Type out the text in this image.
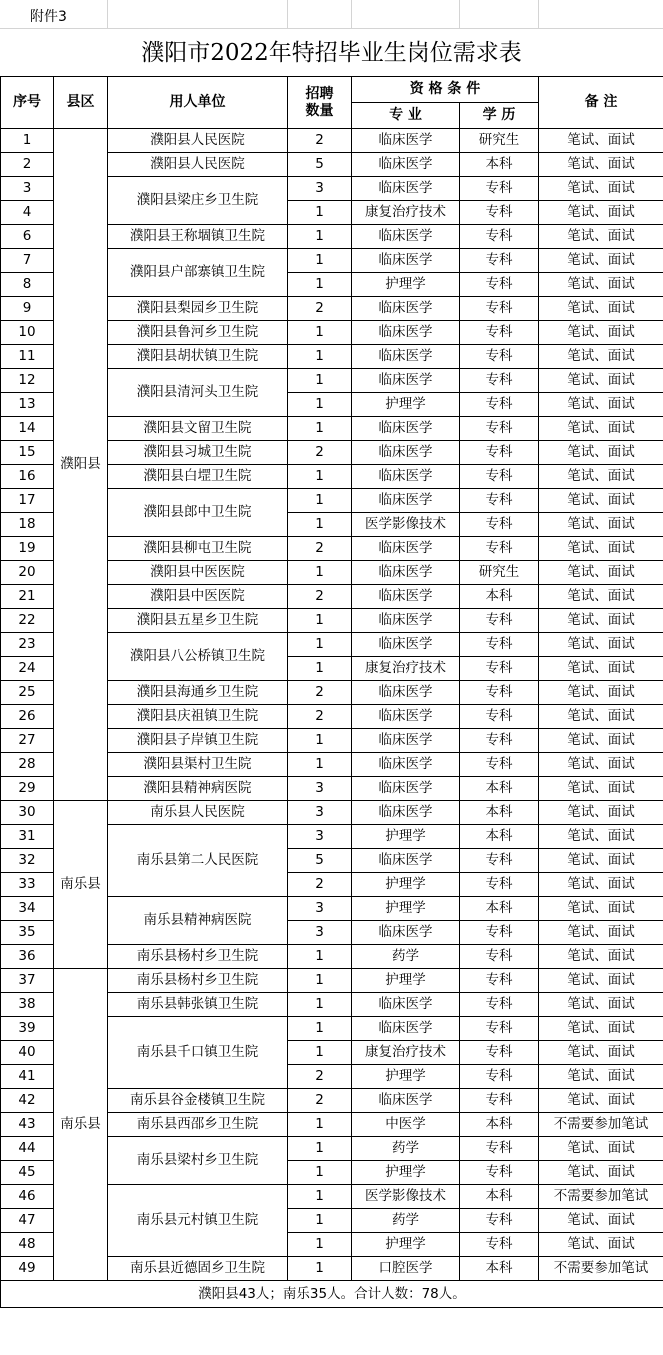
附件3
濮阳市2022年特招毕业生岗位需求表
序号	县区	用人单位	招聘数量	资 格 条 件		备 注
				专 业	学 历	
1	濮阳县	濮阳县人民医院	2	临床医学	研究生	笔试、面试
2		濮阳县人民医院	5	临床医学	本科	笔试、面试
3		濮阳县梁庄乡卫生院	3	临床医学	专科	笔试、面试
4			1	康复治疗技术	专科	笔试、面试
6		濮阳县王称堌镇卫生院	1	临床医学	专科	笔试、面试
7		濮阳县户部寨镇卫生院	1	临床医学	专科	笔试、面试
8			1	护理学	专科	笔试、面试
9		濮阳县梨园乡卫生院	2	临床医学	专科	笔试、面试
10		濮阳县鲁河乡卫生院	1	临床医学	专科	笔试、面试
11		濮阳县胡状镇卫生院	1	临床医学	专科	笔试、面试
12		濮阳县清河头卫生院	1	临床医学	专科	笔试、面试
13			1	护理学	专科	笔试、面试
14		濮阳县文留卫生院	1	临床医学	专科	笔试、面试
15		濮阳县习城卫生院	2	临床医学	专科	笔试、面试
16		濮阳县白堽卫生院	1	临床医学	专科	笔试、面试
17		濮阳县郎中卫生院	1	临床医学	专科	笔试、面试
18			1	医学影像技术	专科	笔试、面试
19		濮阳县柳屯卫生院	2	临床医学	专科	笔试、面试
20		濮阳县中医医院	1	临床医学	研究生	笔试、面试
21		濮阳县中医医院	2	临床医学	本科	笔试、面试
22		濮阳县五星乡卫生院	1	临床医学	专科	笔试、面试
23		濮阳县八公桥镇卫生院	1	临床医学	专科	笔试、面试
24			1	康复治疗技术	专科	笔试、面试
25		濮阳县海通乡卫生院	2	临床医学	专科	笔试、面试
26		濮阳县庆祖镇卫生院	2	临床医学	专科	笔试、面试
27		濮阳县子岸镇卫生院	1	临床医学	专科	笔试、面试
28		濮阳县渠村卫生院	1	临床医学	专科	笔试、面试
29		濮阳县精神病医院	3	临床医学	本科	笔试、面试
30	南乐县	南乐县人民医院	3	临床医学	本科	笔试、面试
31		南乐县第二人民医院	3	护理学	本科	笔试、面试
32			5	临床医学	专科	笔试、面试
33			2	护理学	专科	笔试、面试
34		南乐县精神病医院	3	护理学	本科	笔试、面试
35			3	临床医学	专科	笔试、面试
36		南乐县杨村乡卫生院	1	药学	专科	笔试、面试
37	南乐县	南乐县杨村乡卫生院	1	护理学	专科	笔试、面试
38		南乐县韩张镇卫生院	1	临床医学	专科	笔试、面试
39		南乐县千口镇卫生院	1	临床医学	专科	笔试、面试
40			1	康复治疗技术	专科	笔试、面试
41			2	护理学	专科	笔试、面试
42		南乐县谷金楼镇卫生院	2	临床医学	专科	笔试、面试
43		南乐县西邵乡卫生院	1	中医学	本科	不需要参加笔试
44		南乐县梁村乡卫生院	1	药学	专科	笔试、面试
45			1	护理学	专科	笔试、面试
46		南乐县元村镇卫生院	1	医学影像技术	本科	不需要参加笔试
47			1	药学	专科	笔试、面试
48			1	护理学	专科	笔试、面试
49		南乐县近德固乡卫生院	1	口腔医学	本科	不需要参加笔试
濮阳县43人；南乐35人。合计人数：78人。						
